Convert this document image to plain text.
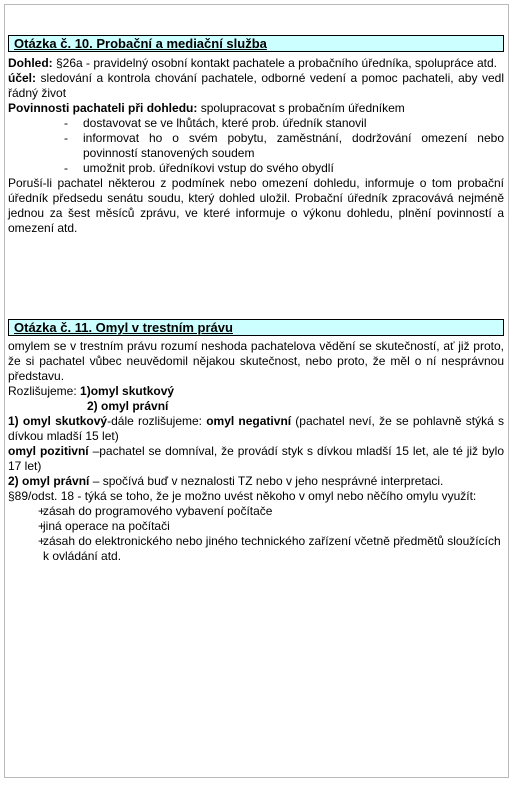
Otázka č. 10. Probační a mediační služba

Dohled: §26a - pravidelný osobní kontakt pachatele a probačního úředníka, spolupráce atd.

účel: sledování a kontrola chování pachatele, odborné vedení a pomoc pachateli, aby vedl řádný život

Povinnosti pachateli při dohledu: spolupracovat s probačním úředníkem

- dostavovat se ve lhůtách, které prob. úředník stanovil
- informovat ho o svém pobytu, zaměstnání, dodržování omezení nebo povinností stanovených soudem
- umožnit prob. úředníkovi vstup do svého obydlí

Poruší-li pachatel některou z podmínek nebo omezení dohledu, informuje o tom probační úředník předsedu senátu soudu, který dohled uložil. Probační úředník zpracovává nejméně jednou za šest měsíců zprávu, ve které informuje o výkonu dohledu, plnění povinností a omezení atd.

Otázka č. 11. Omyl v trestním právu

omylem se v trestním právu rozumí neshoda pachatelova vědění se skutečností, ať již proto, že si pachatel vůbec neuvědomil nějakou skutečnost, nebo proto, že měl o ní nesprávnou představu.

Rozlišujeme: 1)omyl skutkový

2) omyl právní

1) omyl skutkový-dále rozlišujeme: omyl negativní (pachatel neví, že se pohlavně stýká s dívkou mladší 15 let)

omyl pozitivní –pachatel se domníval, že provádí styk s dívkou mladší 15 let, ale té již bylo 17 let)

2) omyl právní – spočívá buď v neznalosti TZ nebo v jeho nesprávné interpretaci.

§89/odst. 18 - týká se toho, že je možno uvést někoho v omyl nebo něčího omylu využít:

+
zásah do programového vybavení počítače
+
jiná operace na počítači
+
zásah do elektronického nebo jiného technického zařízení včetně předmětů sloužících k ovládání atd.
